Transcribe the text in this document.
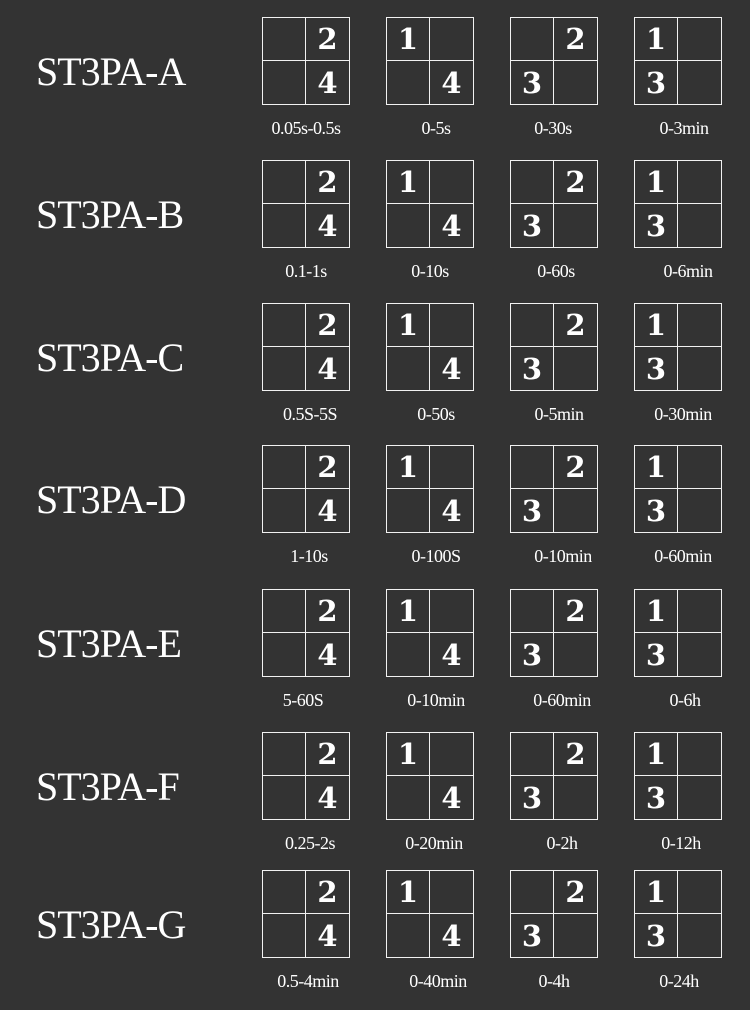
ST3PA-A
2
4
0.05s-0.5s
1
4
0-5s
2
3
0-30s
1
3
0-3min
ST3PA-B
2
4
0.1-1s
1
4
0-10s
2
3
0-60s
1
3
0-6min
ST3PA-C
2
4
0.5S-5S
1
4
0-50s
2
3
0-5min
1
3
0-30min
ST3PA-D
2
4
1-10s
1
4
0-100S
2
3
0-10min
1
3
0-60min
ST3PA-E
2
4
5-60S
1
4
0-10min
2
3
0-60min
1
3
0-6h
ST3PA-F
2
4
0.25-2s
1
4
0-20min
2
3
0-2h
1
3
0-12h
ST3PA-G
2
4
0.5-4min
1
4
0-40min
2
3
0-4h
1
3
0-24h
